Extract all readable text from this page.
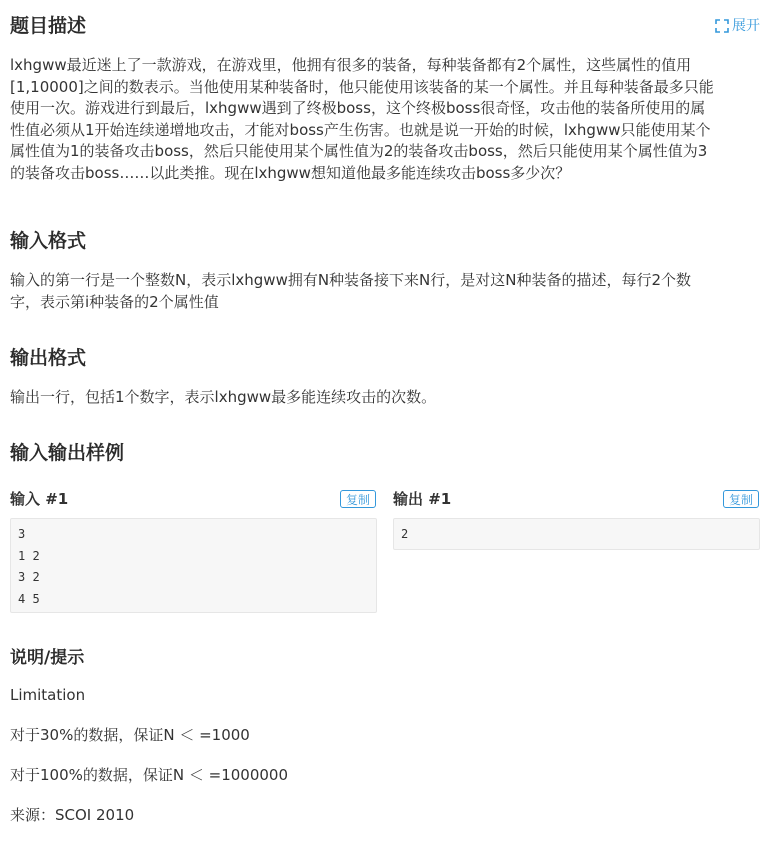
题目描述	展开
lxhgww最近迷上了一款游戏，在游戏里，他拥有很多的装备，每种装备都有2个属性，这些属性的值用
[1,10000]之间的数表示。当他使用某种装备时，他只能使用该装备的某一个属性。并且每种装备最多只能
使用一次。游戏进行到最后，lxhgww遇到了终极boss，这个终极boss很奇怪，攻击他的装备所使用的属
性值必须从1开始连续递增地攻击，才能对boss产生伤害。也就是说一开始的时候，lxhgww只能使用某个
属性值为1的装备攻击boss，然后只能使用某个属性值为2的装备攻击boss，然后只能使用某个属性值为3
的装备攻击boss……以此类推。现在lxhgww想知道他最多能连续攻击boss多少次？
输入格式
输入的第一行是一个整数N，表示lxhgww拥有N种装备接下来N行，是对这N种装备的描述，每行2个数
字，表示第i种装备的2个属性值
输出格式
输出一行，包括1个数字，表示lxhgww最多能连续攻击的次数。
输入输出样例
输入 #1	复制
3
1 2
3 2
4 5
输出 #1	复制
2
说明/提示
Limitation
对于30%的数据，保证N ＜ =1000
对于100%的数据，保证N ＜ =1000000
来源：SCOI 2010
